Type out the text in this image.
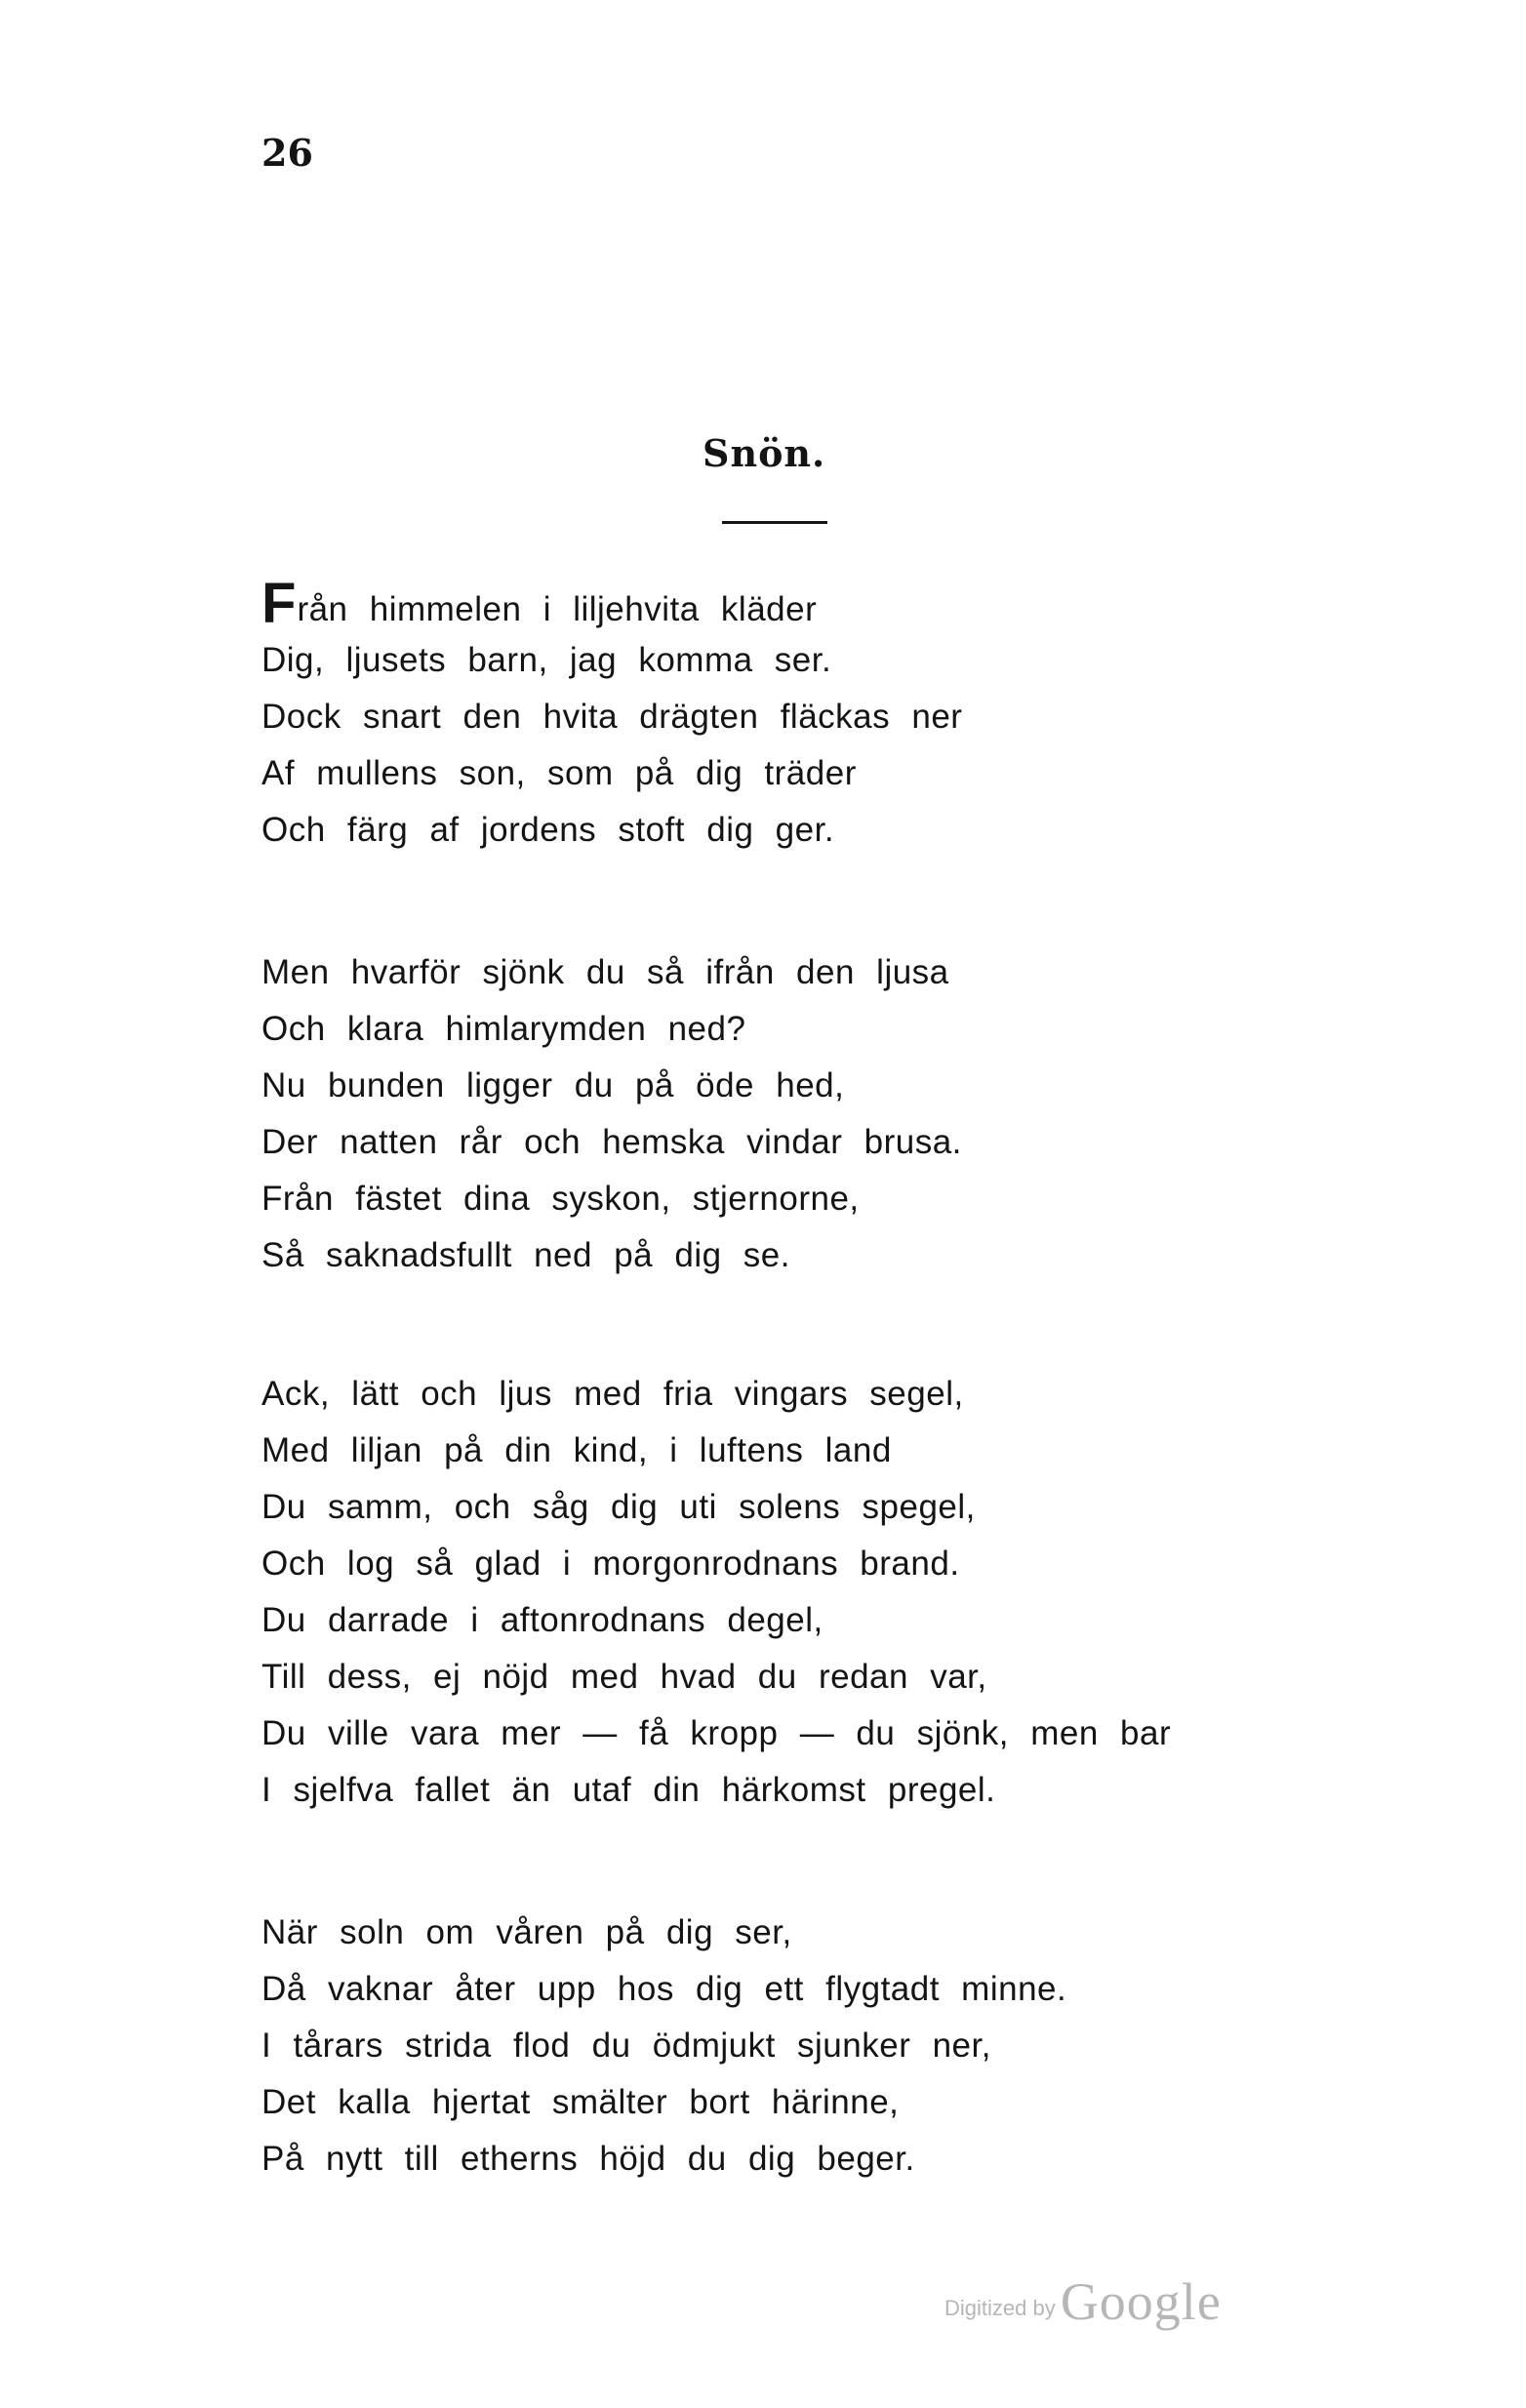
26
Snön.
Från himmelen i liljehvita kläder
Dig, ljusets barn, jag komma ser.
Dock snart den hvita drägten fläckas ner
Af mullens son, som på dig träder
Och färg af jordens stoft dig ger.
Men hvarför sjönk du så ifrån den ljusa
Och klara himlarymden ned?
Nu bunden ligger du på öde hed,
Der natten rår och hemska vindar brusa.
Från fästet dina syskon, stjernorne,
Så saknadsfullt ned på dig se.
Ack, lätt och ljus med fria vingars segel,
Med liljan på din kind, i luftens land
Du samm, och såg dig uti solens spegel,
Och log så glad i morgonrodnans brand.
Du darrade i aftonrodnans degel,
Till dess, ej nöjd med hvad du redan var,
Du ville vara mer — få kropp — du sjönk, men bar
I sjelfva fallet än utaf din härkomst pregel.
När soln om våren på dig ser,
Då vaknar åter upp hos dig ett flygtadt minne.
I tårars strida flod du ödmjukt sjunker ner,
Det kalla hjertat smälter bort härinne,
På nytt till etherns höjd du dig beger.
Digitized by Google
